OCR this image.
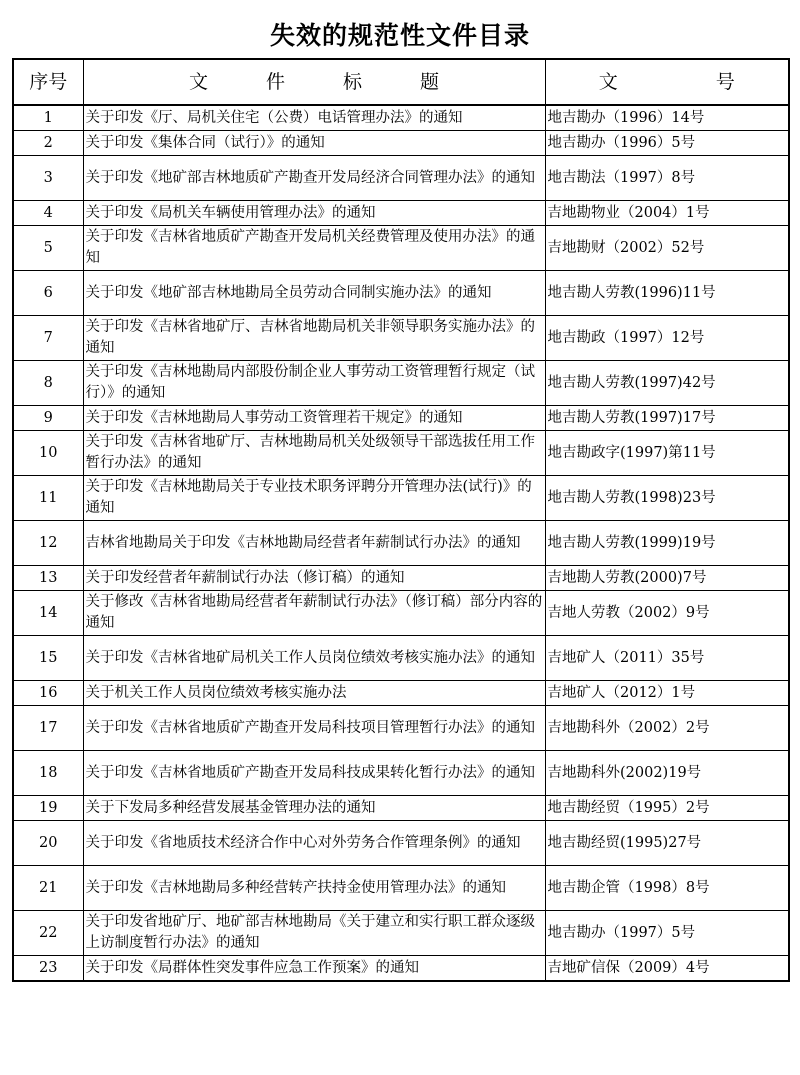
失效的规范性文件目录
序号	文 件 标 题	文 号
1	关于印发《厅、局机关住宅（公费）电话管理办法》的通知	地吉勘办（1996）14号
2	关于印发《集体合同（试行）》的通知	地吉勘办（1996）5号
3	关于印发《地矿部吉林地质矿产勘查开发局经济合同管理办法》的通知	地吉勘法（1997）8号
4	关于印发《局机关车辆使用管理办法》的通知	吉地勘物业（2004）1号
5	关于印发《吉林省地质矿产勘查开发局机关经费管理及使用办法》的通知	吉地勘财（2002）52号
6	关于印发《地矿部吉林地勘局全员劳动合同制实施办法》的通知	地吉勘人劳教(1996)11号
7	关于印发《吉林省地矿厅、吉林省地勘局机关非领导职务实施办法》的通知	地吉勘政（1997）12号
8	关于印发《吉林地勘局内部股份制企业人事劳动工资管理暂行规定（试行）》的通知	地吉勘人劳教(1997)42号
9	关于印发《吉林地勘局人事劳动工资管理若干规定》的通知	地吉勘人劳教(1997)17号
10	关于印发《吉林省地矿厅、吉林地勘局机关处级领导干部选拔任用工作暂行办法》的通知	地吉勘政字(1997)第11号
11	关于印发《吉林地勘局关于专业技术职务评聘分开管理办法(试行)》的通知	地吉勘人劳教(1998)23号
12	吉林省地勘局关于印发《吉林地勘局经营者年薪制试行办法》的通知	地吉勘人劳教(1999)19号
13	关于印发经营者年薪制试行办法（修订稿）的通知	吉地勘人劳教(2000)7号
14	关于修改《吉林省地勘局经营者年薪制试行办法》（修订稿）部分内容的通知	吉地人劳教（2002）9号
15	关于印发《吉林省地矿局机关工作人员岗位绩效考核实施办法》的通知	吉地矿人（2011）35号
16	关于机关工作人员岗位绩效考核实施办法	吉地矿人（2012）1号
17	关于印发《吉林省地质矿产勘查开发局科技项目管理暂行办法》的通知	吉地勘科外（2002）2号
18	关于印发《吉林省地质矿产勘查开发局科技成果转化暂行办法》的通知	吉地勘科外(2002)19号
19	关于下发局多种经营发展基金管理办法的通知	地吉勘经贸（1995）2号
20	关于印发《省地质技术经济合作中心对外劳务合作管理条例》的通知	地吉勘经贸(1995)27号
21	关于印发《吉林地勘局多种经营转产扶持金使用管理办法》的通知	地吉勘企管（1998）8号
22	关于印发省地矿厅、地矿部吉林地勘局《关于建立和实行职工群众逐级上访制度暂行办法》的通知	地吉勘办（1997）5号
23	关于印发《局群体性突发事件应急工作预案》的通知	吉地矿信保（2009）4号
